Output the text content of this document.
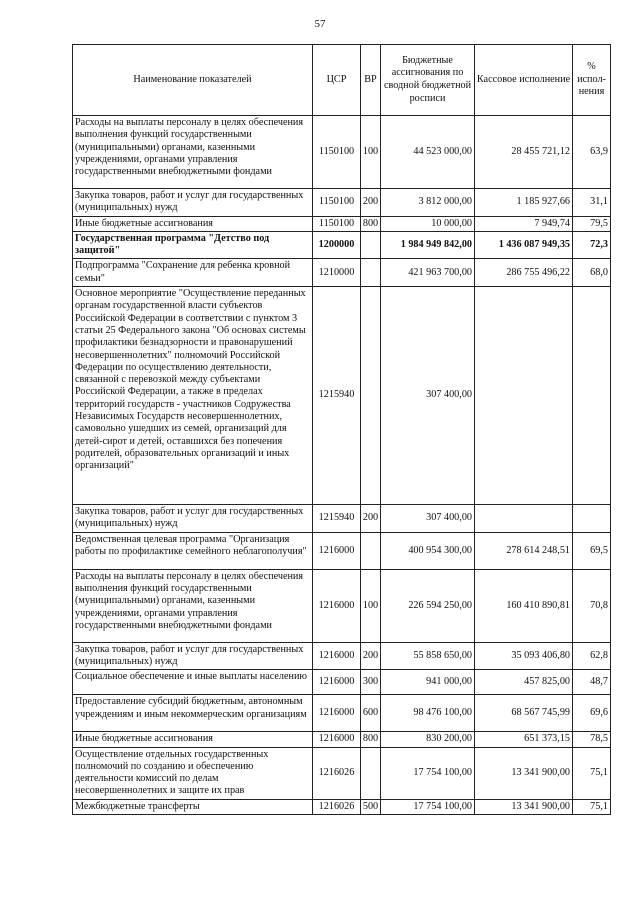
57
Наименование показателей	ЦСР	ВР	Бюджетные ассигнования по сводной бюджетной росписи	Кассовое исполнение	% испол-нения
Расходы на выплаты персоналу в целях обеспечения выполнения функций государственными (муниципальными) органами, казенными учреждениями, органами управления государственными внебюджетными фондами	1150100	100	44 523 000,00	28 455 721,12	63,9
Закупка товаров, работ и услуг для государственных (муниципальных) нужд	1150100	200	3 812 000,00	1 185 927,66	31,1
Иные бюджетные ассигнования	1150100	800	10 000,00	7 949,74	79,5
Государственная программа "Детство под защитой"	1200000		1 984 949 842,00	1 436 087 949,35	72,3
Подпрограмма "Сохранение для ребенка кровной семьи"	1210000		421 963 700,00	286 755 496,22	68,0
Основное мероприятие "Осуществление переданных органам государственной власти субъектов Российской Федерации в соответствии с пунктом 3 статьи 25 Федерального закона "Об основах системы профилактики безнадзорности и правонарушений несовершеннолетних" полномочий Российской Федерации по осуществлению деятельности, связанной с перевозкой между субъектами Российской Федерации, а также в пределах территорий государств - участников Содружества Независимых Государств несовершеннолетних, самовольно ушедших из семей, организаций для детей-сирот и детей, оставшихся без попечения родителей, образовательных организаций и иных организаций"	1215940		307 400,00		
Закупка товаров, работ и услуг для государственных (муниципальных) нужд	1215940	200	307 400,00		
Ведомственная целевая программа "Организация работы по профилактике семейного неблагополучия"	1216000		400 954 300,00	278 614 248,51	69,5
Расходы на выплаты персоналу в целях обеспечения выполнения функций государственными (муниципальными) органами, казенными учреждениями, органами управления государственными внебюджетными фондами	1216000	100	226 594 250,00	160 410 890,81	70,8
Закупка товаров, работ и услуг для государственных (муниципальных) нужд	1216000	200	55 858 650,00	35 093 406,80	62,8
Социальное обеспечение и иные выплаты населению	1216000	300	941 000,00	457 825,00	48,7
Предоставление субсидий бюджетным, автономным учреждениям и иным некоммерческим организациям	1216000	600	98 476 100,00	68 567 745,99	69,6
Иные бюджетные ассигнования	1216000	800	830 200,00	651 373,15	78,5
Осуществление отдельных государственных полномочий по созданию и обеспечению деятельности комиссий по делам несовершеннолетних и защите их прав	1216026		17 754 100,00	13 341 900,00	75,1
Межбюджетные трансферты	1216026	500	17 754 100,00	13 341 900,00	75,1
